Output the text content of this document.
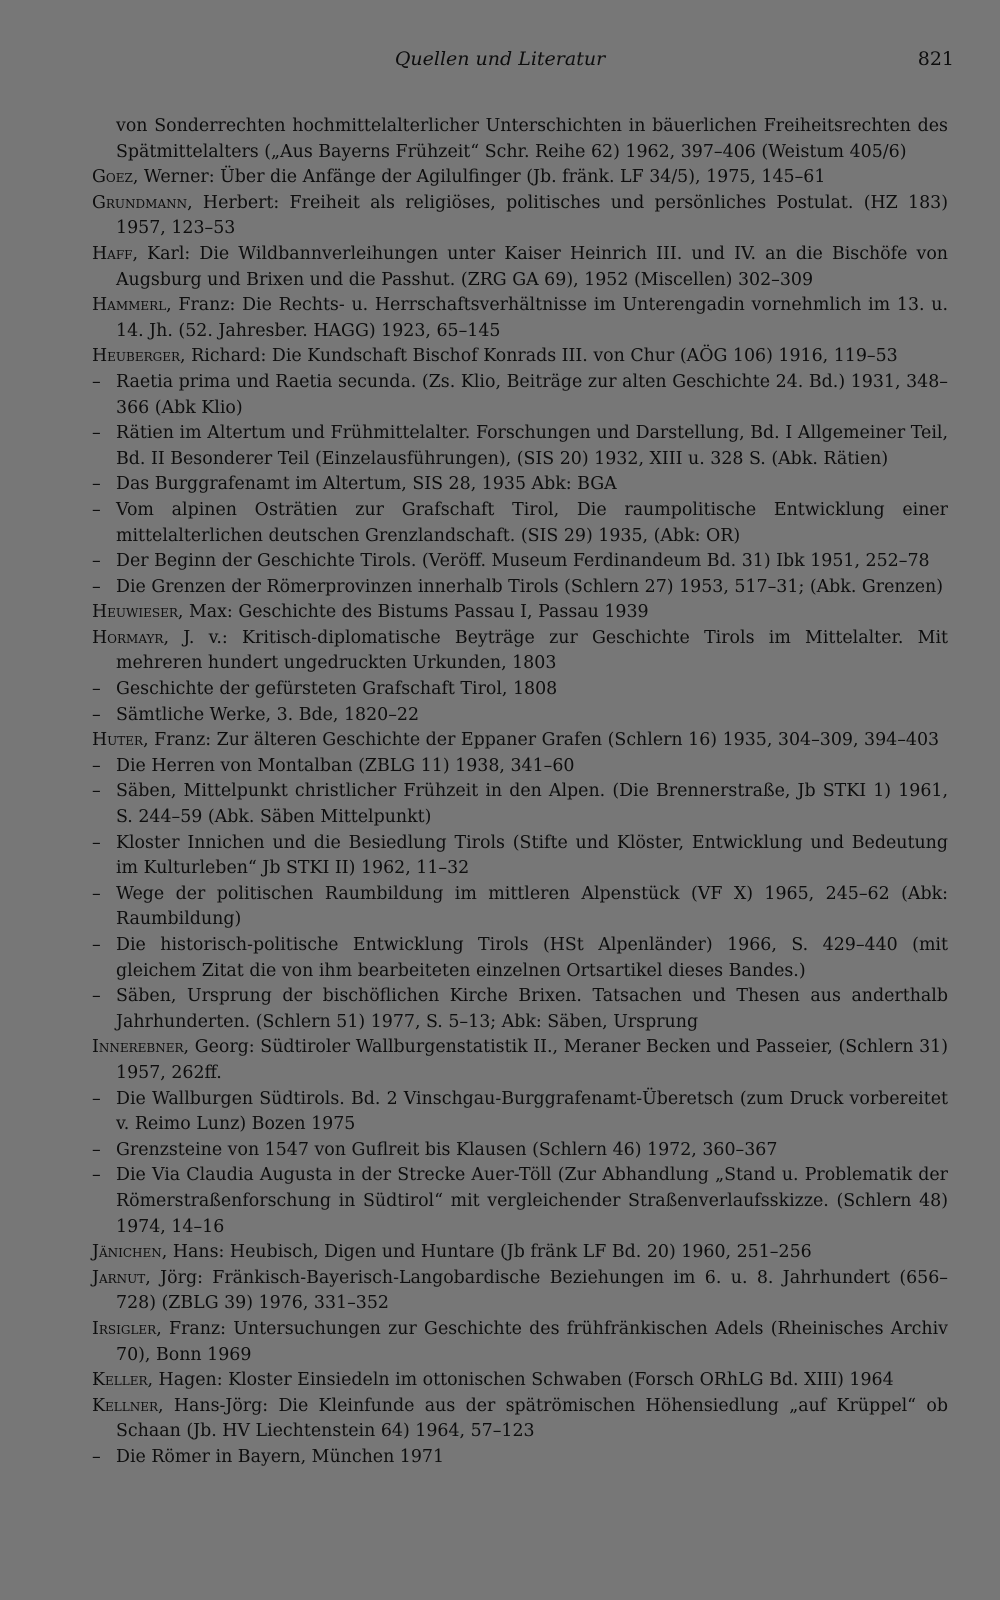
Quellen und Literatur	821
von Sonderrechten hochmittelalterlicher Unterschichten in bäuerlichen Freiheitsrechten des Spätmittelalters („Aus Bayerns Frühzeit“ Schr. Reihe 62) 1962, 397–406 (Weistum 405/6)
Goez, Werner: Über die Anfänge der Agilulfinger (Jb. fränk. LF 34/5), 1975, 145–61
Grundmann, Herbert: Freiheit als religiöses, politisches und persönliches Postulat. (HZ 183) 1957, 123–53
Haff, Karl: Die Wildbannverleihungen unter Kaiser Heinrich III. und IV. an die Bischöfe von Augsburg und Brixen und die Passhut. (ZRG GA 69), 1952 (Miscellen) 302–309
Hammerl, Franz: Die Rechts- u. Herrschaftsverhältnisse im Unterengadin vornehmlich im 13. u. 14. Jh. (52. Jahresber. HAGG) 1923, 65–145
Heuberger, Richard: Die Kundschaft Bischof Konrads III. von Chur (AÖG 106) 1916, 119–53
– Raetia prima und Raetia secunda. (Zs. Klio, Beiträge zur alten Geschichte 24. Bd.) 1931, 348–366 (Abk Klio)
– Rätien im Altertum und Frühmittelalter. Forschungen und Darstellung, Bd. I Allgemeiner Teil, Bd. II Besonderer Teil (Einzelausführungen), (SIS 20) 1932, XIII u. 328 S. (Abk. Rätien)
– Das Burggrafenamt im Altertum, SIS 28, 1935 Abk: BGA
– Vom alpinen Osträtien zur Grafschaft Tirol, Die raumpolitische Entwicklung einer mittelalterlichen deutschen Grenzlandschaft. (SIS 29) 1935, (Abk: OR)
– Der Beginn der Geschichte Tirols. (Veröff. Museum Ferdinandeum Bd. 31) Ibk 1951, 252–78
– Die Grenzen der Römerprovinzen innerhalb Tirols (Schlern 27) 1953, 517–31; (Abk. Grenzen)
Heuwieser, Max: Geschichte des Bistums Passau I, Passau 1939
Hormayr, J. v.: Kritisch-diplomatische Beyträge zur Geschichte Tirols im Mittelalter. Mit mehreren hundert ungedruckten Urkunden, 1803
– Geschichte der gefürsteten Grafschaft Tirol, 1808
– Sämtliche Werke, 3. Bde, 1820–22
Huter, Franz: Zur älteren Geschichte der Eppaner Grafen (Schlern 16) 1935, 304–309, 394–403
– Die Herren von Montalban (ZBLG 11) 1938, 341–60
– Säben, Mittelpunkt christlicher Frühzeit in den Alpen. (Die Brennerstraße, Jb STKI 1) 1961, S. 244–59 (Abk. Säben Mittelpunkt)
– Kloster Innichen und die Besiedlung Tirols (Stifte und Klöster, Entwicklung und Bedeutung im Kulturleben“ Jb STKI II) 1962, 11–32
– Wege der politischen Raumbildung im mittleren Alpenstück (VF X) 1965, 245–62 (Abk: Raumbildung)
– Die historisch-politische Entwicklung Tirols (HSt Alpenländer) 1966, S. 429–440 (mit gleichem Zitat die von ihm bearbeiteten einzelnen Ortsartikel dieses Bandes.)
– Säben, Ursprung der bischöflichen Kirche Brixen. Tatsachen und Thesen aus anderthalb Jahrhunderten. (Schlern 51) 1977, S. 5–13; Abk: Säben, Ursprung
Innerebner, Georg: Südtiroler Wallburgenstatistik II., Meraner Becken und Passeier, (Schlern 31) 1957, 262ff.
– Die Wallburgen Südtirols. Bd. 2 Vinschgau-Burggrafenamt-Überetsch (zum Druck vorbereitet v. Reimo Lunz) Bozen 1975
– Grenzsteine von 1547 von Guflreit bis Klausen (Schlern 46) 1972, 360–367
– Die Via Claudia Augusta in der Strecke Auer-Töll (Zur Abhandlung „Stand u. Problematik der Römerstraßenforschung in Südtirol“ mit vergleichender Straßenverlaufsskizze. (Schlern 48) 1974, 14–16
Jänichen, Hans: Heubisch, Digen und Huntare (Jb fränk LF Bd. 20) 1960, 251–256
Jarnut, Jörg: Fränkisch-Bayerisch-Langobardische Beziehungen im 6. u. 8. Jahrhundert (656–728) (ZBLG 39) 1976, 331–352
Irsigler, Franz: Untersuchungen zur Geschichte des frühfränkischen Adels (Rheinisches Archiv 70), Bonn 1969
Keller, Hagen: Kloster Einsiedeln im ottonischen Schwaben (Forsch ORhLG Bd. XIII) 1964
Kellner, Hans-Jörg: Die Kleinfunde aus der spätrömischen Höhensiedlung „auf Krüppel“ ob Schaan (Jb. HV Liechtenstein 64) 1964, 57–123
– Die Römer in Bayern, München 1971
